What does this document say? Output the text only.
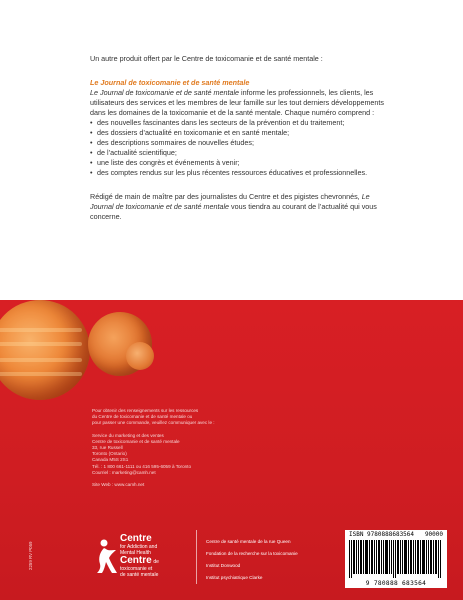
Un autre produit offert par le Centre de toxicomanie et de santé mentale :

Le Journal de toxicomanie et de santé mentale

Le Journal de toxicomanie et de santé mentale informe les professionnels, les clients, les utilisateurs des services et les membres de leur famille sur les tout derniers développements dans les domaines de la toxicomanie et de la santé mentale. Chaque numéro comprend :

• des nouvelles fascinantes dans les secteurs de la prévention et du traitement;
• des dossiers d’actualité en toxicomanie et en santé mentale;
• des descriptions sommaires de nouvelles études;
• de l’actualité scientifique;
• une liste des congrès et événements à venir;
• des comptes rendus sur les plus récentes ressources éducatives et professionnelles.

Rédigé de main de maître par des journalistes du Centre et des pigistes chevronnés, Le Journal de toxicomanie et de santé mentale vous tiendra au courant de l’actualité qui vous concerne.

Pour obtenir des renseignements sur les ressources
du Centre de toxicomanie et de santé mentale ou
pour passer une commande, veuillez communiquer avec le :
Service du marketing et des ventes
Centre de toxicomanie et de santé mentale
33, rue Russell
Toronto (Ontario)
Canada M5S 2S1
Tél. : 1 800 661-1111 ou 416 595-6059 à Toronto
Courriel : marketing@camh.net
Site Web : www.camh.net
2259 RV P059
Centre
for Addiction and
Mental Health
Centre de
toxicomanie et
de santé mentale
Centre de santé mentale de la rue Queen
Fondation de la recherche sur la toxicomanie
Institut Donwood
Institut psychiatrique Clarke
ISBN 9780888683564
9 780888 683564
90000
